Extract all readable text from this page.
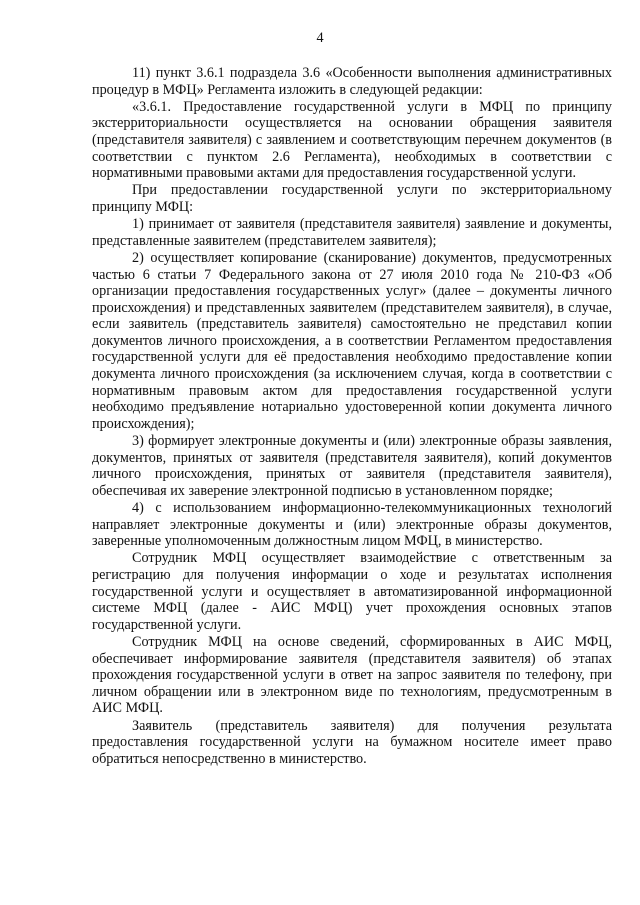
4

11) пункт 3.6.1 подраздела 3.6 «Особенности выполнения административных процедур в МФЦ» Регламента изложить в следующей редакции:

«3.6.1. Предоставление государственной услуги в МФЦ по принципу экстерриториальности осуществляется на основании обращения заявителя (представителя заявителя) с заявлением и соответствующим перечнем документов (в соответствии с пунктом 2.6 Регламента), необходимых в соответствии с нормативными правовыми актами для предоставления государственной услуги.

При предоставлении государственной услуги по экстерриториальному принципу МФЦ:

1) принимает от заявителя (представителя заявителя) заявление и документы, представленные заявителем (представителем заявителя);

2) осуществляет копирование (сканирование) документов, предусмотренных частью 6 статьи 7 Федерального закона от 27 июля 2010 года № 210-ФЗ «Об организации предоставления государственных услуг» (далее – документы личного происхождения) и представленных заявителем (представителем заявителя), в случае, если заявитель (представитель заявителя) самостоятельно не представил копии документов личного происхождения, а в соответствии Регламентом предоставления государственной услуги для её предоставления необходимо предоставление копии документа личного происхождения (за исключением случая, когда в соответствии с нормативным правовым актом для предоставления государственной услуги необходимо предъявление нотариально удостоверенной копии документа личного происхождения);

3) формирует электронные документы и (или) электронные образы заявления, документов, принятых от заявителя (представителя заявителя), копий документов личного происхождения, принятых от заявителя (представителя заявителя), обеспечивая их заверение электронной подписью в установленном порядке;

4) с использованием информационно-телекоммуникационных технологий направляет электронные документы и (или) электронные образы документов, заверенные уполномоченным должностным лицом МФЦ, в министерство.

Сотрудник МФЦ осуществляет взаимодействие с ответственным за регистрацию для получения информации о ходе и результатах исполнения государственной услуги и осуществляет в автоматизированной информационной системе МФЦ (далее - АИС МФЦ) учет прохождения основных этапов государственной услуги.

Сотрудник МФЦ на основе сведений, сформированных в АИС МФЦ, обеспечивает информирование заявителя (представителя заявителя) об этапах прохождения государственной услуги в ответ на запрос заявителя по телефону, при личном обращении или в электронном виде по технологиям, предусмотренным в АИС МФЦ.

Заявитель (представитель заявителя) для получения результата предоставления государственной услуги на бумажном носителе имеет право обратиться непосредственно в министерство.
